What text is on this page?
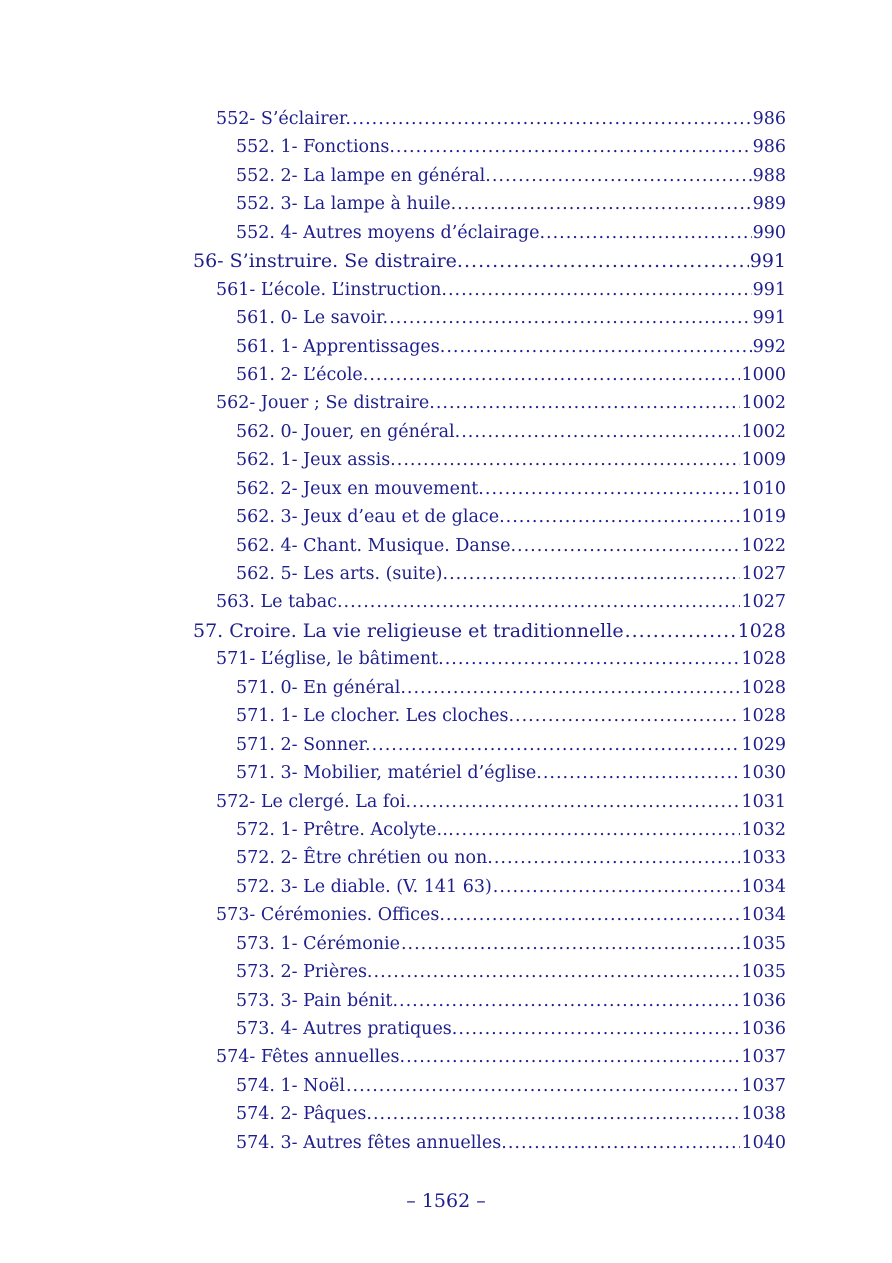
552- S’éclairer. .....	986
552. 1- Fonctions. .....	986
552. 2- La lampe en général. .....	988
552. 3- La lampe à huile. .....	989
552. 4- Autres moyens d’éclairage. .....	990
56- S’instruire. Se distraire. .....	991
561- L’école. L’instruction. .....	991
561. 0- Le savoir. .....	991
561. 1- Apprentissages. .....	992
561. 2- L’école. .....	1000
562- Jouer ; Se distraire. .....	1002
562. 0- Jouer, en général. .....	1002
562. 1- Jeux assis. .....	1009
562. 2- Jeux en mouvement. .....	1010
562. 3- Jeux d’eau et de glace. .....	1019
562. 4- Chant. Musique. Danse. .....	1022
562. 5- Les arts. (suite). .....	1027
563. Le tabac. .....	1027
57. Croire. La vie religieuse et traditionnelle .....	1028
571- L’église, le bâtiment. .....	1028
571. 0- En général. .....	1028
571. 1- Le clocher. Les cloches. .....	1028
571. 2- Sonner. .....	1029
571. 3- Mobilier, matériel d’église. .....	1030
572- Le clergé. La foi. .....	1031
572. 1- Prêtre. Acolyte… .....	1032
572. 2- Être chrétien ou non. .....	1033
572. 3- Le diable. (V. 141 63) .....	1034
573- Cérémonies. Offices. .....	1034
573. 1- Cérémonie .....	1035
573. 2- Prières. .....	1035
573. 3- Pain bénit. .....	1036
573. 4- Autres pratiques. .....	1036
574- Fêtes annuelles. .....	1037
574. 1- Noël .....	1037
574. 2- Pâques. .....	1038
574. 3- Autres fêtes annuelles. .....	1040
– 1562 –
